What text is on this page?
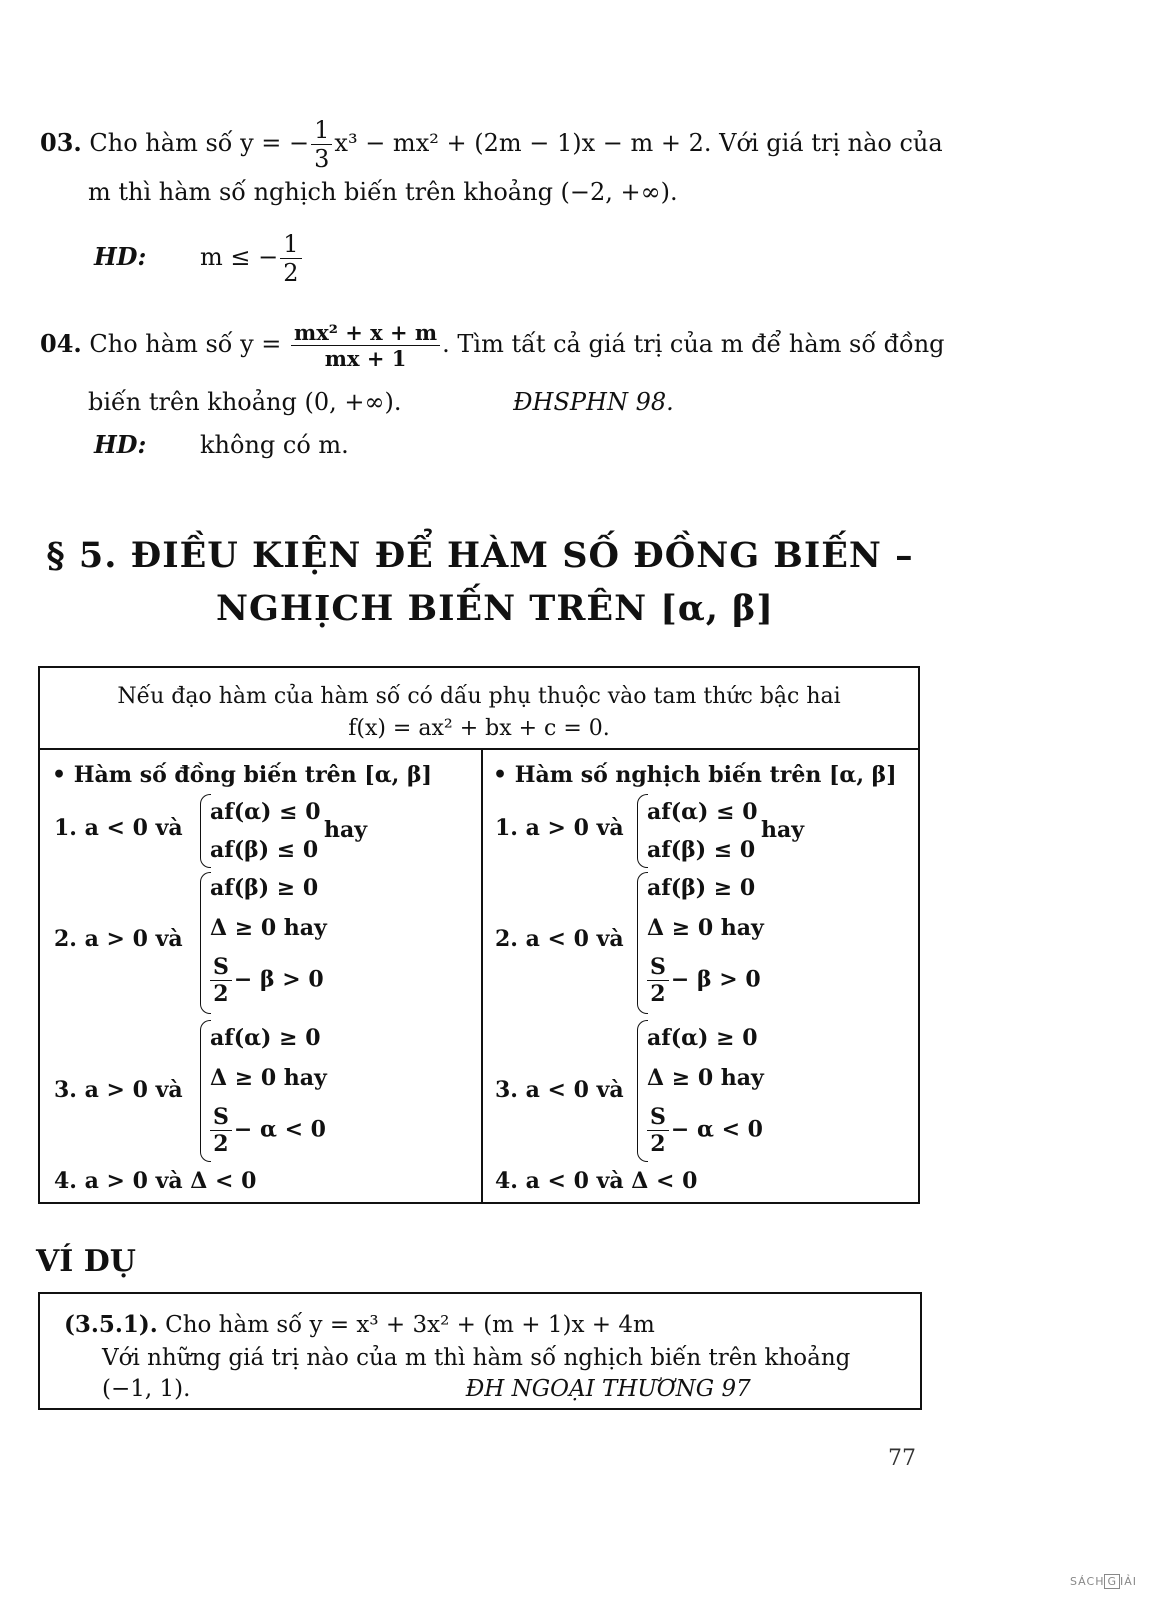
03. Cho hàm số y = − $\frac{1}{3} x^3 - mx^2 + (2m - 1)x - m + 2$. Với giá trị nào của
m thì hàm số nghịch biến trên khoảng (−2, +∞).
HD: m ≤ − $\frac{1}{2}$
04. Cho hàm số $y = \frac{\text{mx² + x + m}}{mx + 1}$ . Tìm tất cả giá trị của m để hàm số đồng
biến trên khoảng (0, +∞).	ĐHSPHN 98.
HD: không có m.
§ 5. ĐIỀU KIỆN ĐỂ HÀM SỐ ĐỒNG BIẾN –
NGHỊCH BIẾN TRÊN [α, β]
Nếu đạo hàm của hàm số có dấu phụ thuộc vào tam thức bậc hai
f(x) = ax² + bx + c = 0.
• Hàm số đồng biến trên [α, β]
1. a < 0 và
af(α) ≤ 0
af(β) ≤ 0
hay
2. a > 0 và
af(β) ≥ 0
Δ ≥ 0 hay
$\frac{S}{2} - \beta > 0$
3. a > 0 và
af(α) ≥ 0
Δ ≥ 0 hay
$\frac{S}{2} - \alpha < 0$
4. a > 0 và Δ < 0
• Hàm số nghịch biến trên [α, β]
1. a > 0 và
af(α) ≤ 0
af(β) ≤ 0
hay
2. a < 0 và
af(β) ≥ 0
Δ ≥ 0 hay
$\frac{S}{2} - \beta > 0$
3. a < 0 và
af(α) ≥ 0
Δ ≥ 0 hay
$\frac{S}{2} - \alpha < 0$
4. a < 0 và Δ < 0
VÍ DỤ
(3.5.1). Cho hàm số y = x³ + 3x² + (m + 1)x + 4m
Với những giá trị nào của m thì hàm số nghịch biến trên khoảng
(−1, 1).	ĐH NGOẠI THƯƠNG 97
77
SÁCH G IẢI
